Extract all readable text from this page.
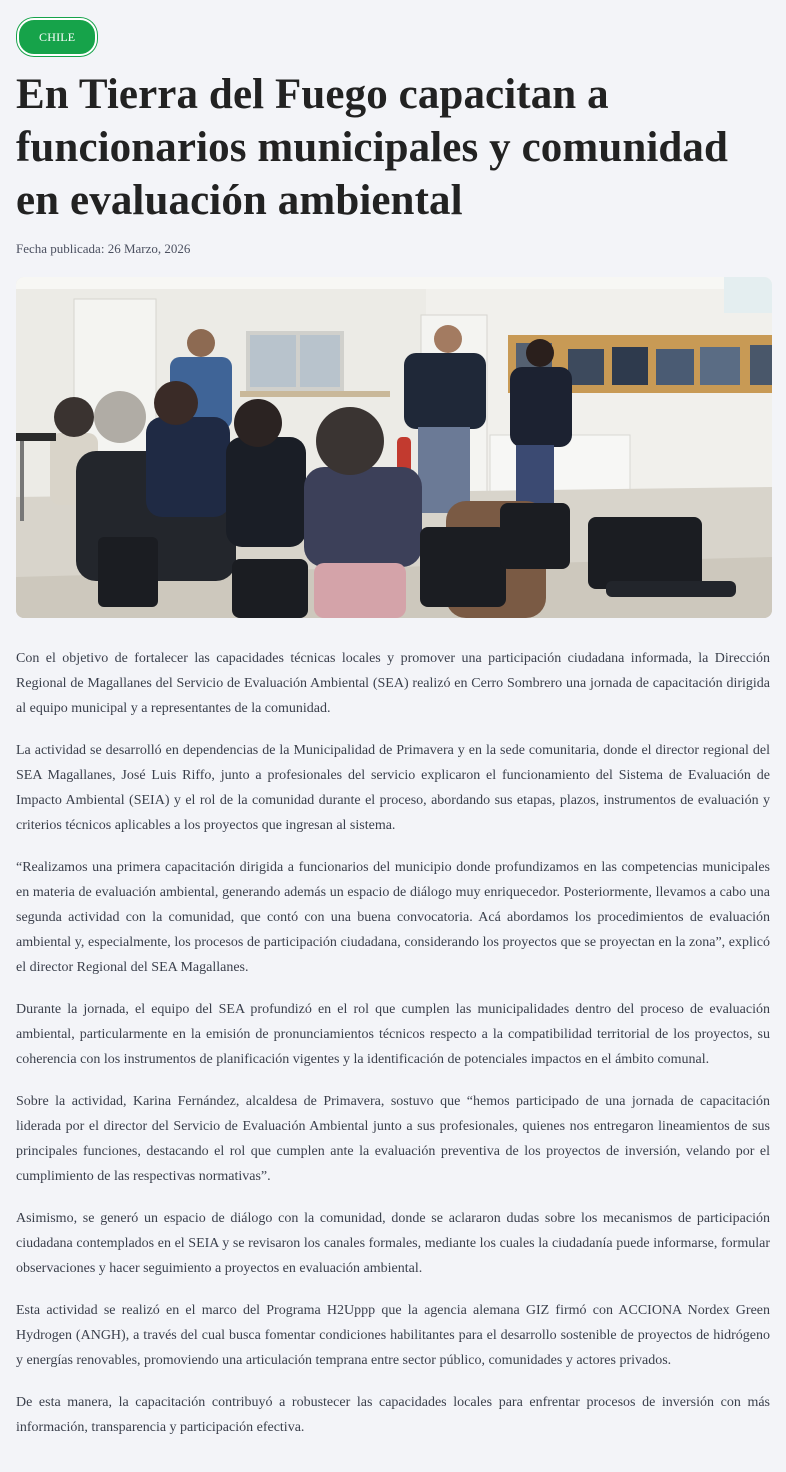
CHILE
En Tierra del Fuego capacitan a funcionarios municipales y comunidad en evaluación ambiental
Fecha publicada: 26 Marzo, 2026

Con el objetivo de fortalecer las capacidades técnicas locales y promover una participación ciudadana informada, la Dirección Regional de Magallanes del Servicio de Evaluación Ambiental (SEA) realizó en Cerro Sombrero una jornada de capacitación dirigida al equipo municipal y a representantes de la comunidad.

La actividad se desarrolló en dependencias de la Municipalidad de Primavera y en la sede comunitaria, donde el director regional del SEA Magallanes, José Luis Riffo, junto a profesionales del servicio explicaron el funcionamiento del Sistema de Evaluación de Impacto Ambiental (SEIA) y el rol de la comunidad durante el proceso, abordando sus etapas, plazos, instrumentos de evaluación y criterios técnicos aplicables a los proyectos que ingresan al sistema.

“Realizamos una primera capacitación dirigida a funcionarios del municipio donde profundizamos en las competencias municipales en materia de evaluación ambiental, generando además un espacio de diálogo muy enriquecedor. Posteriormente, llevamos a cabo una segunda actividad con la comunidad, que contó con una buena convocatoria. Acá abordamos los procedimientos de evaluación ambiental y, especialmente, los procesos de participación ciudadana, considerando los proyectos que se proyectan en la zona”, explicó el director Regional del SEA Magallanes.

Durante la jornada, el equipo del SEA profundizó en el rol que cumplen las municipalidades dentro del proceso de evaluación ambiental, particularmente en la emisión de pronunciamientos técnicos respecto a la compatibilidad territorial de los proyectos, su coherencia con los instrumentos de planificación vigentes y la identificación de potenciales impactos en el ámbito comunal.

Sobre la actividad, Karina Fernández, alcaldesa de Primavera, sostuvo que “hemos participado de una jornada de capacitación liderada por el director del Servicio de Evaluación Ambiental junto a sus profesionales, quienes nos entregaron lineamientos de sus principales funciones, destacando el rol que cumplen ante la evaluación preventiva de los proyectos de inversión, velando por el cumplimiento de las respectivas normativas”.

Asimismo, se generó un espacio de diálogo con la comunidad, donde se aclararon dudas sobre los mecanismos de participación ciudadana contemplados en el SEIA y se revisaron los canales formales, mediante los cuales la ciudadanía puede informarse, formular observaciones y hacer seguimiento a proyectos en evaluación ambiental.

Esta actividad se realizó en el marco del Programa H2Uppp que la agencia alemana GIZ firmó con ACCIONA Nordex Green Hydrogen (ANGH), a través del cual busca fomentar condiciones habilitantes para el desarrollo sostenible de proyectos de hidrógeno y energías renovables, promoviendo una articulación temprana entre sector público, comunidades y actores privados.

De esta manera, la capacitación contribuyó a robustecer las capacidades locales para enfrentar procesos de inversión con más información, transparencia y participación efectiva.
